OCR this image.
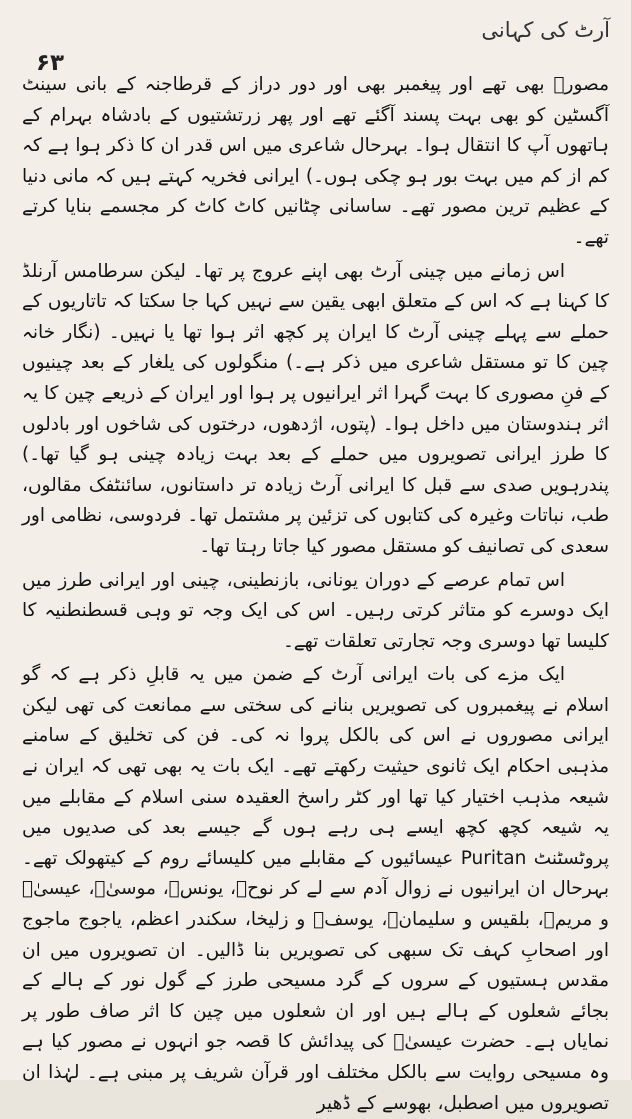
آرٹ کی کہانی
۶۳

مصورؔ بھی تھے اور پیغمبر بھی اور دور دراز کے قرطاجنہ کے بانی سینٹ آگسٹین کو بھی بہت پسند آگئے تھے اور پھر زرتشتیوں کے بادشاہ بہرام کے ہاتھوں آپ کا انتقال ہوا۔ بہرحال شاعری میں اس قدر ان کا ذکر ہوا ہے کہ کم از کم میں بہت بور ہو چکی ہوں۔) ایرانی فخریہ کہتے ہیں کہ مانی دنیا کے عظیم ترین مصور تھے۔ ساسانی چٹانیں کاٹ کاٹ کر مجسمے بنایا کرتے تھے۔

اس زمانے میں چینی آرٹ بھی اپنے عروج پر تھا۔ لیکن سرطامس آرنلڈ کا کہنا ہے کہ اس کے متعلق ابھی یقین سے نہیں کہا جا سکتا کہ تاتاریوں کے حملے سے پہلے چینی آرٹ کا ایران پر کچھ اثر ہوا تھا یا نہیں۔ (نگار خانہ چین کا تو مستقل شاعری میں ذکر ہے۔) منگولوں کی یلغار کے بعد چینیوں کے فنِ مصوری کا بہت گہرا اثر ایرانیوں پر ہوا اور ایران کے ذریعے چین کا یہ اثر ہندوستان میں داخل ہوا۔ (پتوں، اژدھوں، درختوں کی شاخوں اور بادلوں کا طرز ایرانی تصویروں میں حملے کے بعد بہت زیادہ چینی ہو گیا تھا۔) پندرہویں صدی سے قبل کا ایرانی آرٹ زیادہ تر داستانوں، سائنٹفک مقالوں، طب، نباتات وغیرہ کی کتابوں کی تزئین پر مشتمل تھا۔ فردوسی، نظامی اور سعدی کی تصانیف کو مستقل مصور کیا جاتا رہتا تھا۔

اس تمام عرصے کے دوران یونانی، بازنطینی، چینی اور ایرانی طرز میں ایک دوسرے کو متاثر کرتی رہیں۔ اس کی ایک وجہ تو وہی قسطنطنیہ کا کلیسا تھا دوسری وجہ تجارتی تعلقات تھے۔

ایک مزے کی بات ایرانی آرٹ کے ضمن میں یہ قابلِ ذکر ہے کہ گو اسلام نے پیغمبروں کی تصویریں بنانے کی سختی سے ممانعت کی تھی لیکن ایرانی مصوروں نے اس کی بالکل پروا نہ کی۔ فن کی تخلیق کے سامنے مذہبی احکام ایک ثانوی حیثیت رکھتے تھے۔ ایک بات یہ بھی تھی کہ ایران نے شیعہ مذہب اختیار کیا تھا اور کٹر راسخ العقیدہ سنی اسلام کے مقابلے میں یہ شیعہ کچھ کچھ ایسے ہی رہے ہوں گے جیسے بعد کی صدیوں میں پروٹسٹنٹ Puritan عیسائیوں کے مقابلے میں کلیسائے روم کے کیتھولک تھے۔ بہرحال ان ایرانیوں نے زوال آدم سے لے کر نوحؑ، یونسؑ، موسیٰؑ، عیسیٰؑ و مریمؑ، بلقیس و سلیمانؑ، یوسفؑ و زلیخا، سکندر اعظم، یاجوج ماجوج اور اصحابِ کہف تک سبھی کی تصویریں بنا ڈالیں۔ ان تصویروں میں ان مقدس ہستیوں کے سروں کے گرد مسیحی طرز کے گول نور کے ہالے کے بجائے شعلوں کے ہالے ہیں اور ان شعلوں میں چین کا اثر صاف طور پر نمایاں ہے۔ حضرت عیسیٰؑ کی پیدائش کا قصہ جو انہوں نے مصور کیا ہے وہ مسیحی روایت سے بالکل مختلف اور قرآن شریف پر مبنی ہے۔ لہٰذا ان تصویروں میں اصطبل، بھوسے کے ڈھیر
